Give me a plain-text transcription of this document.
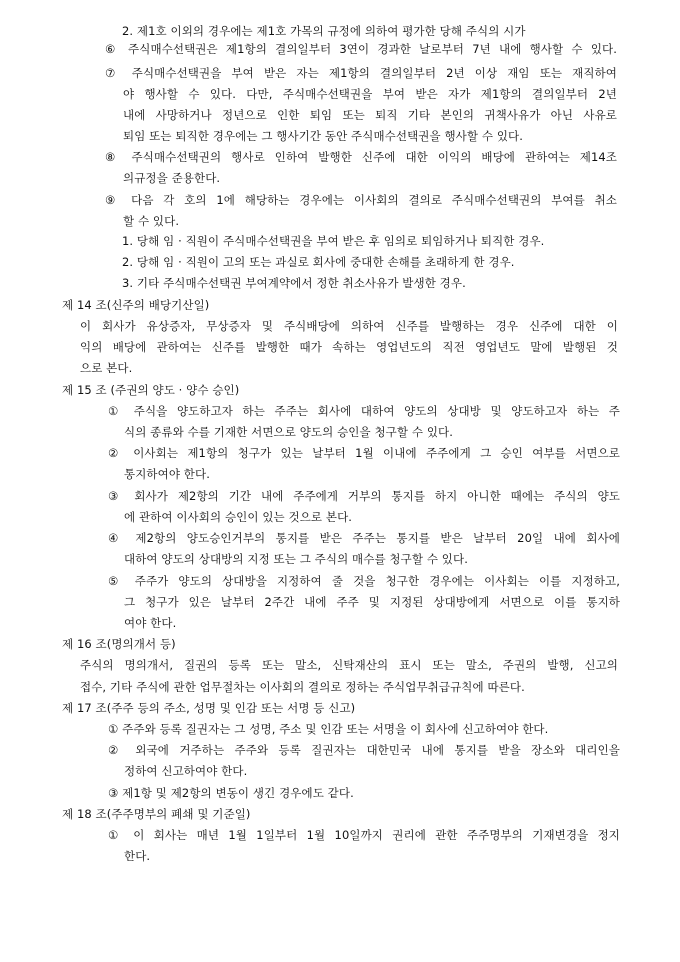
2. 제1호 이외의 경우에는 제1호 가목의 규정에 의하여 평가한 당해 주식의 시가

⑥ 주식매수선택권은 제1항의 결의일부터 3연이 경과한 날로부터 7년 내에 행사할 수 있다.

⑦ 주식매수선택권을 부여 받은 자는 제1항의 결의일부터 2년 이상 재임 또는 재직하여

야 행사할 수 있다. 다만, 주식매수선택권을 부여 받은 자가 제1항의 결의일부터 2년

내에 사망하거나 정년으로 인한 퇴임 또는 퇴직 기타 본인의 귀책사유가 아닌 사유로

퇴임 또는 퇴직한 경우에는 그 행사기간 동안 주식매수선택권을 행사할 수 있다.

⑧ 주식매수선택권의 행사로 인하여 발행한 신주에 대한 이익의 배당에 관하여는 제14조

의규정을 준용한다.

⑨ 다음 각 호의 1에 해당하는 경우에는 이사회의 결의로 주식매수선택권의 부여를 취소

할 수 있다.

1. 당해 임 · 직원이 주식매수선택권을 부여 받은 후 임의로 퇴임하거나 퇴직한 경우.

2. 당해 임 · 직원이 고의 또는 과실로 회사에 중대한 손해를 초래하게 한 경우.

3. 기타 주식매수선택권 부여계약에서 정한 취소사유가 발생한 경우.

제 14 조(신주의 배당기산일)

이 회사가 유상증자, 무상증자 및 주식배당에 의하여 신주를 발행하는 경우 신주에 대한 이

익의 배당에 관하여는 신주를 발행한 때가 속하는 영업년도의 직전 영업년도 말에 발행된 것

으로 본다.

제 15 조 (주권의 양도 · 양수 승인)

① 주식을 양도하고자 하는 주주는 회사에 대하여 양도의 상대방 및 양도하고자 하는 주

식의 종류와 수를 기재한 서면으로 양도의 승인을 청구할 수 있다.

② 이사회는 제1항의 청구가 있는 날부터 1월 이내에 주주에게 그 승인 여부를 서면으로

통지하여야 한다.

③ 회사가 제2항의 기간 내에 주주에게 거부의 통지를 하지 아니한 때에는 주식의 양도

에 관하여 이사회의 승인이 있는 것으로 본다.

④ 제2항의 양도승인거부의 통지를 받은 주주는 통지를 받은 날부터 20일 내에 회사에

대하여 양도의 상대방의 지정 또는 그 주식의 매수를 청구할 수 있다.

⑤ 주주가 양도의 상대방을 지정하여 줄 것을 청구한 경우에는 이사회는 이를 지정하고,

그 청구가 있은 날부터 2주간 내에 주주 및 지정된 상대방에게 서면으로 이를 통지하

여야 한다.

제 16 조(명의개서 등)

주식의 명의개서, 질권의 등록 또는 말소, 신탁재산의 표시 또는 말소, 주권의 발행, 신고의

접수, 기타 주식에 관한 업무절차는 이사회의 결의로 정하는 주식업무취급규칙에 따른다.

제 17 조(주주 등의 주소, 성명 및 인감 또는 서명 등 신고)

① 주주와 등록 질권자는 그 성명, 주소 및 인감 또는 서명을 이 회사에 신고하여야 한다.

② 외국에 거주하는 주주와 등록 질권자는 대한민국 내에 통지를 받을 장소와 대리인을

정하여 신고하여야 한다.

③ 제1항 및 제2항의 변동이 생긴 경우에도 같다.

제 18 조(주주명부의 폐쇄 및 기준일)

① 이 회사는 매년 1월 1일부터 1월 10일까지 권리에 관한 주주명부의 기재변경을 정지

한다.
